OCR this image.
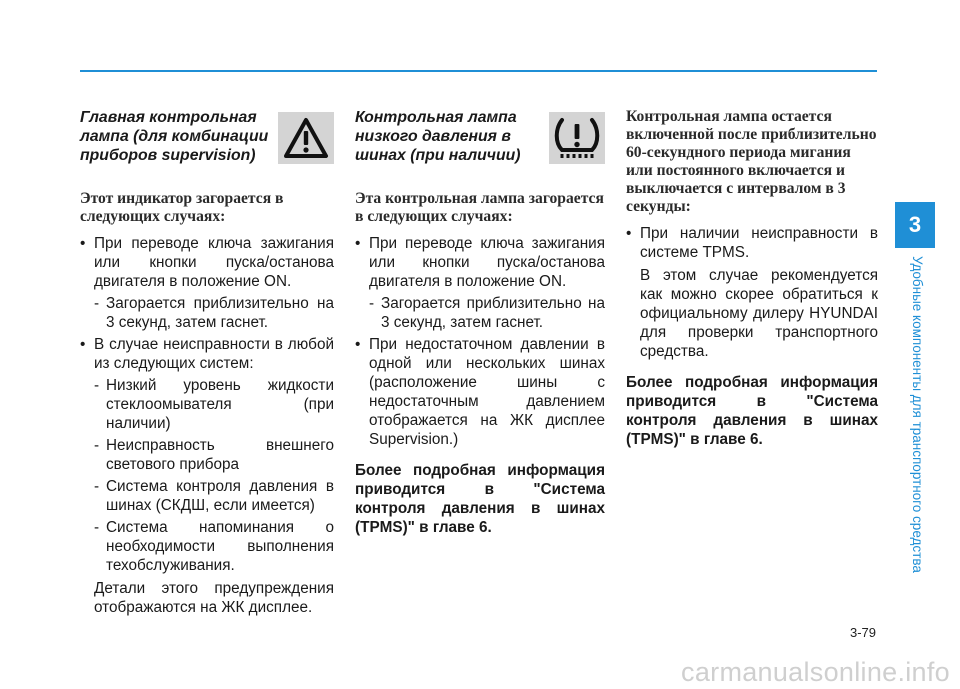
Главная контрольная лампа (для комбинации приборов supervision)

Этот индикатор загорается в следующих случаях:

• При переводе ключа зажигания или кнопки пуска/останова двигателя в положение ON.

- Загорается приблизительно на 3 секунд, затем гаснет.

• В случае неисправности в любой из следующих систем:

- Низкий уровень жидкости стеклоомывателя (при наличии)

- Неисправность внешнего светового прибора

- Система контроля давления в шинах (СКДШ, если имеется)

- Система напоминания о необходимости выполнения техобслуживания.

Детали этого предупреждения отображаются на ЖК дисплее.

Контрольная лампа низкого давления в шинах (при наличии)

Эта контрольная лампа загорается в следующих случаях:

• При переводе ключа зажигания или кнопки пуска/останова двигателя в положение ON.

- Загорается приблизительно на 3 секунд, затем гаснет.

• При недостаточном давлении в одной или нескольких шинах (расположение шины с недостаточным давлением отображается на ЖК дисплее Supervision.)

Более подробная информация приводится в "Система контроля давления в шинах (TPMS)" в главе 6.

Контрольная лампа остается включенной после приблизительно 60-секундного периода мигания или постоянного включается и выключается с интервалом в 3 секунды:

• При наличии неисправности в системе TPMS.

В этом случае рекомендуется как можно скорее обратиться к официальному дилеру HYUNDAI для проверки транспортного средства.

Более подробная информация приводится в "Система контроля давления в шинах (TPMS)" в главе 6.

3
Удобные компоненты для транспортного средства
3-79
carmanualsonline.info
